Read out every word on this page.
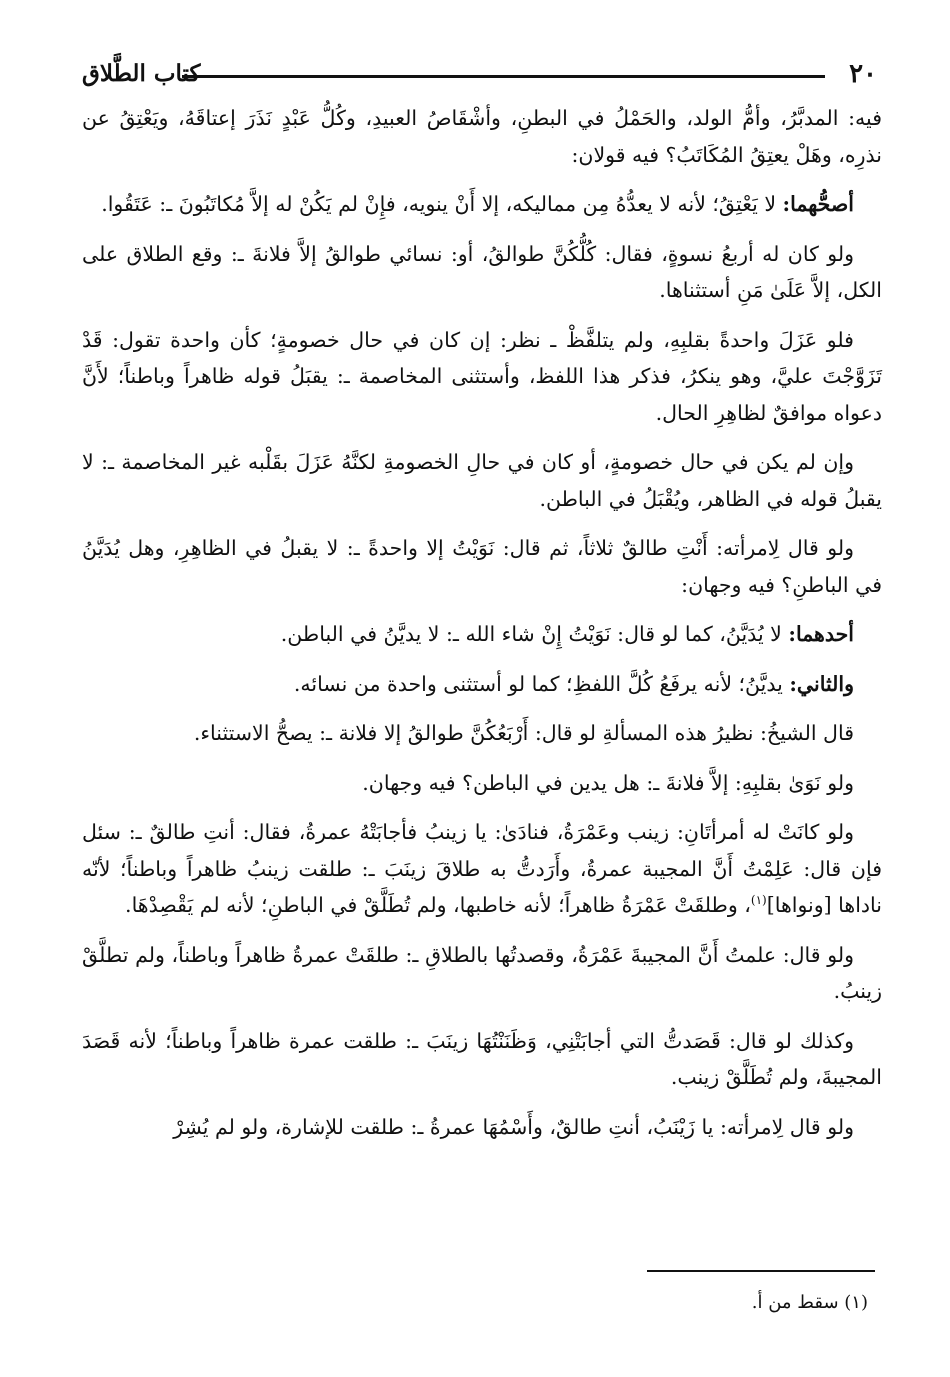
٢٠
كتاب الطَّلاق

فيه: المدبَّرُ، وأمُّ الولد، والحَمْلُ في البطنِ، وأشْقَاصُ العبيدِ، وكُلُّ عَبْدٍ نَذَرَ إعتاقَهُ، ويَعْتِقُ عن نذرِه، وهَلْ يعتِقُ المُكَاتَبُ؟ فيه قولان:

أصحُّهما: لا يَعْتِقُ؛ لأنه لا يعدُّهُ مِن مماليكه، إلا أَنْ ينويه، فإِنْ لم يَكُنْ له إلاَّ مُكاتَبُونَ ـ: عَتَقُوا.

ولو كان له أربعُ نسوةٍ، فقال: كُلُّكُنَّ طوالقُ، أو: نسائي طوالقُ إلاَّ فلانةَ ـ: وقع الطلاق على الكل، إلاَّ عَلَىٰ مَنِ أستثناها.

فلو عَزَلَ واحدةً بقلبِهِ، ولم يتلفَّظْ ـ نظر: إن كان في حال خصومةٍ؛ كأن واحدة تقول: قَدْ تَزَوَّجْتَ عليَّ، وهو ينكرُ، فذكر هذا اللفظ، وأستثنى المخاصمة ـ: يقبَلُ قوله ظاهراً وباطناً؛ لأَنَّ دعواه موافقٌ لظاهِرِ الحال.

وإن لم يكن في حال خصومةٍ، أو كان في حالِ الخصومةِ لكنَّهُ عَزَلَ بقَلْبه غير المخاصمة ـ: لا يقبلُ قوله في الظاهر، ويُقْبَلُ في الباطن.

ولو قال لِامرأته: أَنْتِ طالقٌ ثلاثاً، ثم قال: نَوَيْتُ إلا واحدةً ـ: لا يقبلُ في الظاهِرِ، وهل يُدَيَّنُ في الباطنِ؟ فيه وجهان:

أحدهما: لا يُدَيَّنُ، كما لو قال: نَوَيْتُ إِنْ شاء الله ـ: لا يديَّنُ في الباطن.

والثاني: يديَّنُ؛ لأنه يرفَعُ كُلَّ اللفظِ؛ كما لو أستثنى واحدة من نسائه.

قال الشيخُ: نظيرُ هذه المسألةِ لو قال: أَرْبَعُكُنَّ طوالقُ إلا فلانة ـ: يصحُّ الاستثناء.

ولو نَوَىٰ بقلبِهِ: إلاَّ فلانةَ ـ: هل يدين في الباطن؟ فيه وجهان.

ولو كانَتْ له أمرأتَانِ: زينب وعَمْرَةُ، فنادَىٰ: يا زينبُ فأجابَتْهُ عمرةُ، فقال: أنتِ طالقٌ ـ: سئل فإن قال: عَلِمْتُ أَنَّ المجيبة عمرةُ، وأَرَدتُّ به طلاقَ زينَبَ ـ: طلقت زينبُ ظاهراً وباطناً؛ لأنّه ناداها [ونواها]$^{(١)}$، وطلقَتْ عَمْرَةُ ظاهراً؛ لأنه خاطبها، ولم تُطَلَّقْ في الباطنِ؛ لأنه لم يَقْصِدْهَا.

ولو قال: علمتُ أَنَّ المجيبةَ عَمْرَةُ، وقصدتُها بالطلاقِ ـ: طلقَتْ عمرةُ ظاهراً وباطناً، ولم تطلَّقْ زينبُ.

وكذلك لو قال: قَصَدتُّ التي أجابَتْنِي، وَظَنَنْتُهَا زينَبَ ـ: طلقت عمرة ظاهراً وباطناً؛ لأنه قَصَدَ المجيبةَ، ولم تُطَلَّقْ زينب.

ولو قال لِامرأته: يا زَيْنَبُ، أنتِ طالقٌ، وأَسْمُهَا عمرةُ ـ: طلقت للإشارة، ولو لم يُشِرْ

(١) سقط من أ.
